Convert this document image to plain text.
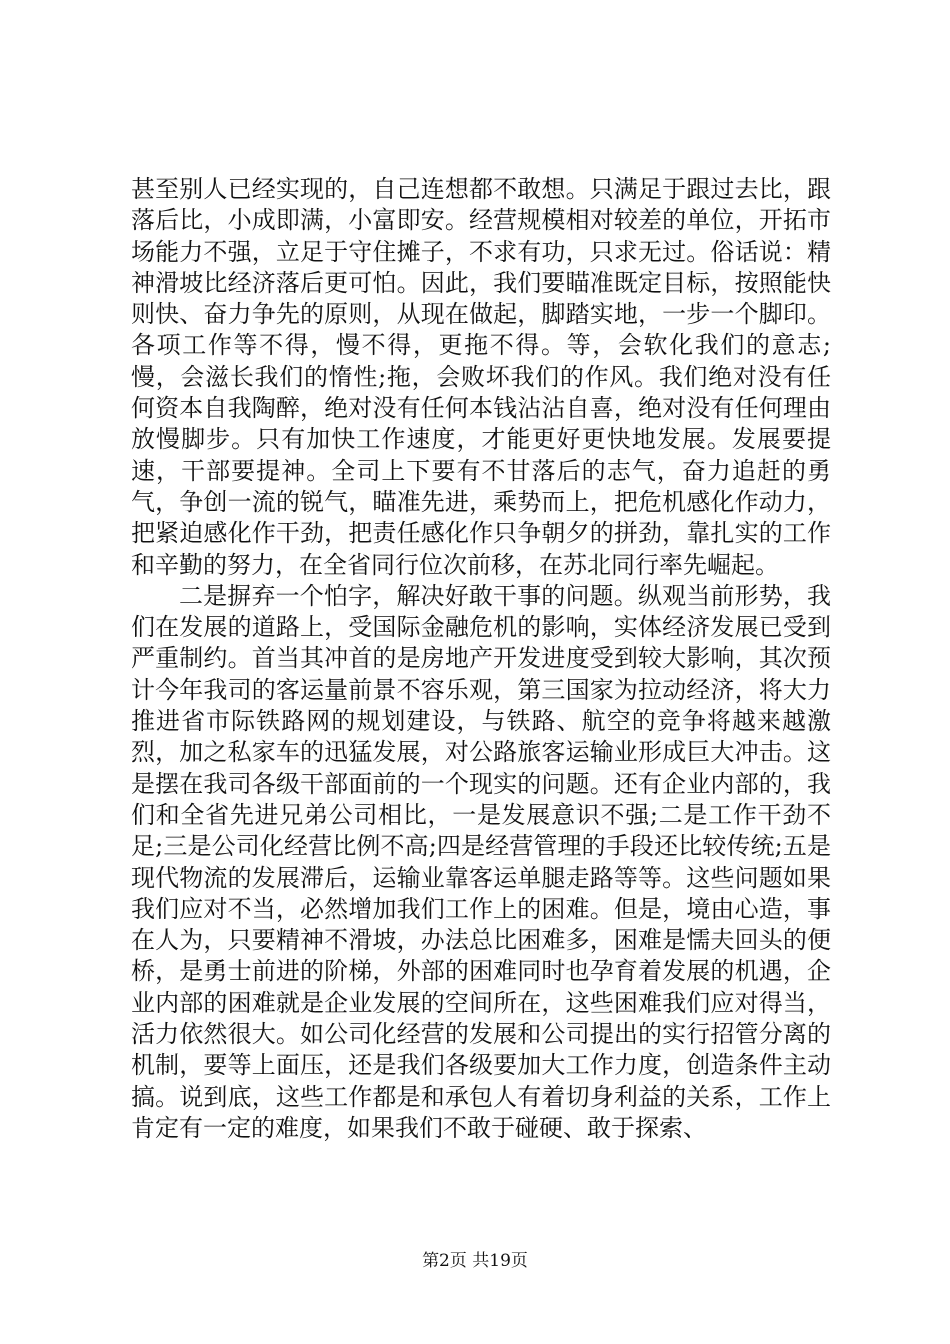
甚至别人已经实现的，自己连想都不敢想。只满足于跟过去比，跟落后比，小成即满，小富即安。经营规模相对较差的单位，开拓市场能力不强，立足于守住摊子，不求有功，只求无过。俗话说：精神滑坡比经济落后更可怕。因此，我们要瞄准既定目标，按照能快则快、奋力争先的原则，从现在做起，脚踏实地，一步一个脚印。各项工作等不得，慢不得，更拖不得。等，会软化我们的意志;慢，会滋长我们的惰性;拖，会败坏我们的作风。我们绝对没有任何资本自我陶醉，绝对没有任何本钱沾沾自喜，绝对没有任何理由放慢脚步。只有加快工作速度，才能更好更快地发展。发展要提速，干部要提神。全司上下要有不甘落后的志气，奋力追赶的勇气，争创一流的锐气，瞄准先进，乘势而上，把危机感化作动力，把紧迫感化作干劲，把责任感化作只争朝夕的拼劲，靠扎实的工作和辛勤的努力，在全省同行位次前移，在苏北同行率先崛起。

二是摒弃一个怕字，解决好敢干事的问题。纵观当前形势，我们在发展的道路上，受国际金融危机的影响，实体经济发展已受到严重制约。首当其冲首的是房地产开发进度受到较大影响，其次预计今年我司的客运量前景不容乐观，第三国家为拉动经济，将大力推进省市际铁路网的规划建设，与铁路、航空的竞争将越来越激烈，加之私家车的迅猛发展，对公路旅客运输业形成巨大冲击。这是摆在我司各级干部面前的一个现实的问题。还有企业内部的，我们和全省先进兄弟公司相比，一是发展意识不强;二是工作干劲不足;三是公司化经营比例不高;四是经营管理的手段还比较传统;五是现代物流的发展滞后，运输业靠客运单腿走路等等。这些问题如果我们应对不当，必然增加我们工作上的困难。但是，境由心造，事在人为，只要精神不滑坡，办法总比困难多，困难是懦夫回头的便桥，是勇士前进的阶梯，外部的困难同时也孕育着发展的机遇，企业内部的困难就是企业发展的空间所在，这些困难我们应对得当，活力依然很大。如公司化经营的发展和公司提出的实行招管分离的机制，要等上面压，还是我们各级要加大工作力度，创造条件主动搞。说到底，这些工作都是和承包人有着切身利益的关系，工作上肯定有一定的难度，如果我们不敢于碰硬、敢于探索、

第2页 共19页
